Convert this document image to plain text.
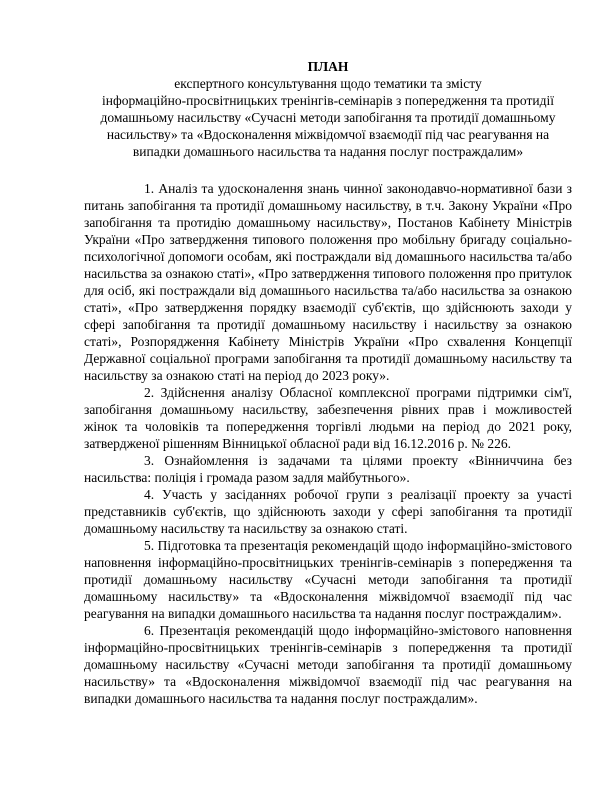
ПЛАН
експертного консультування щодо тематики та змісту
інформаційно-просвітницьких тренінгів-семінарів з попередження та протидії
домашньому насильству «Сучасні методи запобігання та протидії домашньому
насильству» та «Вдосконалення міжвідомчої взаємодії під час реагування на
випадки домашнього насильства та надання послуг постраждалим»

1. Аналіз та удосконалення знань чинної законодавчо-нормативної бази з питань запобігання та протидії домашньому насильству, в т.ч. Закону України «Про запобігання та протидію домашньому насильству», Постанов Кабінету Міністрів України «Про затвердження типового положення про мобільну бригаду соціально-психологічної допомоги особам, які постраждали від домашнього насильства та/або насильства за ознакою статі», «Про затвердження типового положення про притулок для осіб, які постраждали від домашнього насильства та/або насильства за ознакою статі», «Про затвердження порядку взаємодії суб'єктів, що здійснюють заходи у сфері запобігання та протидії домашньому насильству і насильству за ознакою статі», Розпорядження Кабінету Міністрів України «Про схвалення Концепції Державної соціальної програми запобігання та протидії домашньому насильству та насильству за ознакою статі на період до 2023 року».

2. Здійснення аналізу Обласної комплексної програми підтримки сім'ї, запобігання домашньому насильству, забезпечення рівних прав і можливостей жінок та чоловіків та попередження торгівлі людьми на період до 2021 року, затвердженої рішенням Вінницької обласної ради від 16.12.2016 р. № 226.

3. Ознайомлення із задачами та цілями проекту «Вінниччина без насильства: поліція і громада разом задля майбутнього».

4. Участь у засіданнях робочої групи з реалізації проекту за участі представників суб'єктів, що здійснюють заходи у сфері запобігання та протидії домашньому насильству та насильству за ознакою статі.

5. Підготовка та презентація рекомендацій щодо інформаційно-змістового наповнення інформаційно-просвітницьких тренінгів-семінарів з попередження та протидії домашньому насильству «Сучасні методи запобігання та протидії домашньому насильству» та «Вдосконалення міжвідомчої взаємодії під час реагування на випадки домашнього насильства та надання послуг постраждалим».

6. Презентація рекомендацій щодо інформаційно-змістового наповнення інформаційно-просвітницьких тренінгів-семінарів з попередження та протидії домашньому насильству «Сучасні методи запобігання та протидії домашньому насильству» та «Вдосконалення міжвідомчої взаємодії під час реагування на випадки домашнього насильства та надання послуг постраждалим».
